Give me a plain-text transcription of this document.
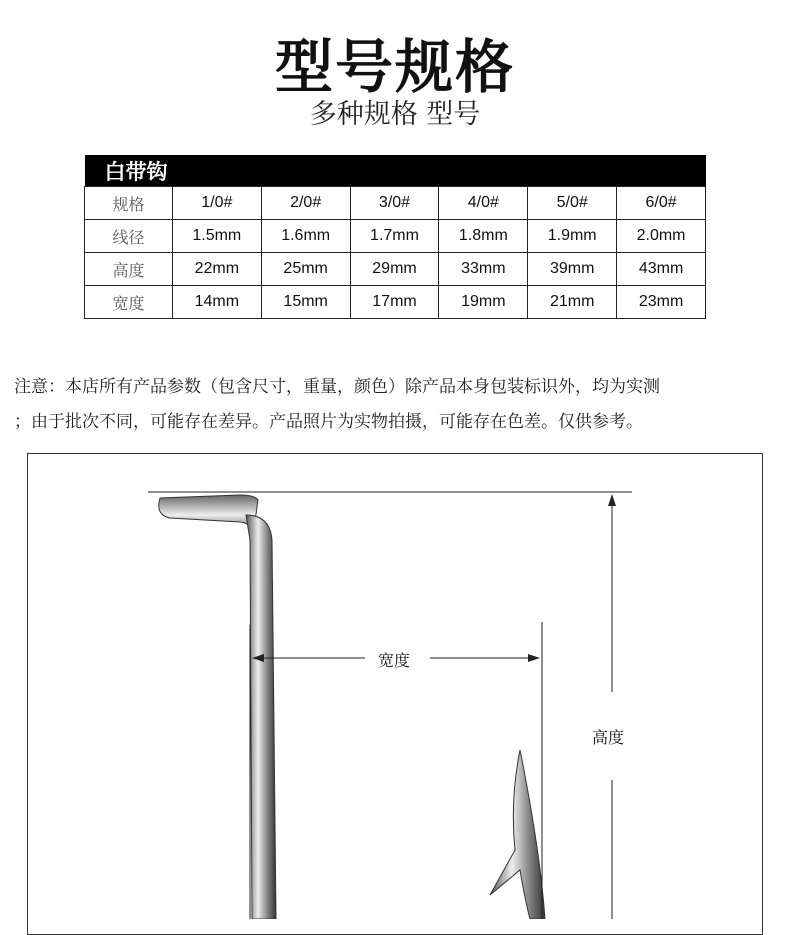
型号规格
多种规格 型号
白带钩						
规格	1/0#	2/0#	3/0#	4/0#	5/0#	6/0#
线径	1.5mm	1.6mm	1.7mm	1.8mm	1.9mm	2.0mm
高度	22mm	25mm	29mm	33mm	39mm	43mm
宽度	14mm	15mm	17mm	19mm	21mm	23mm
注意：本店所有产品参数（包含尺寸，重量，颜色）除产品本身包装标识外，均为实测
；由于批次不同，可能存在差异。产品照片为实物拍摄，可能存在色差。仅供参考。
宽度
高度
